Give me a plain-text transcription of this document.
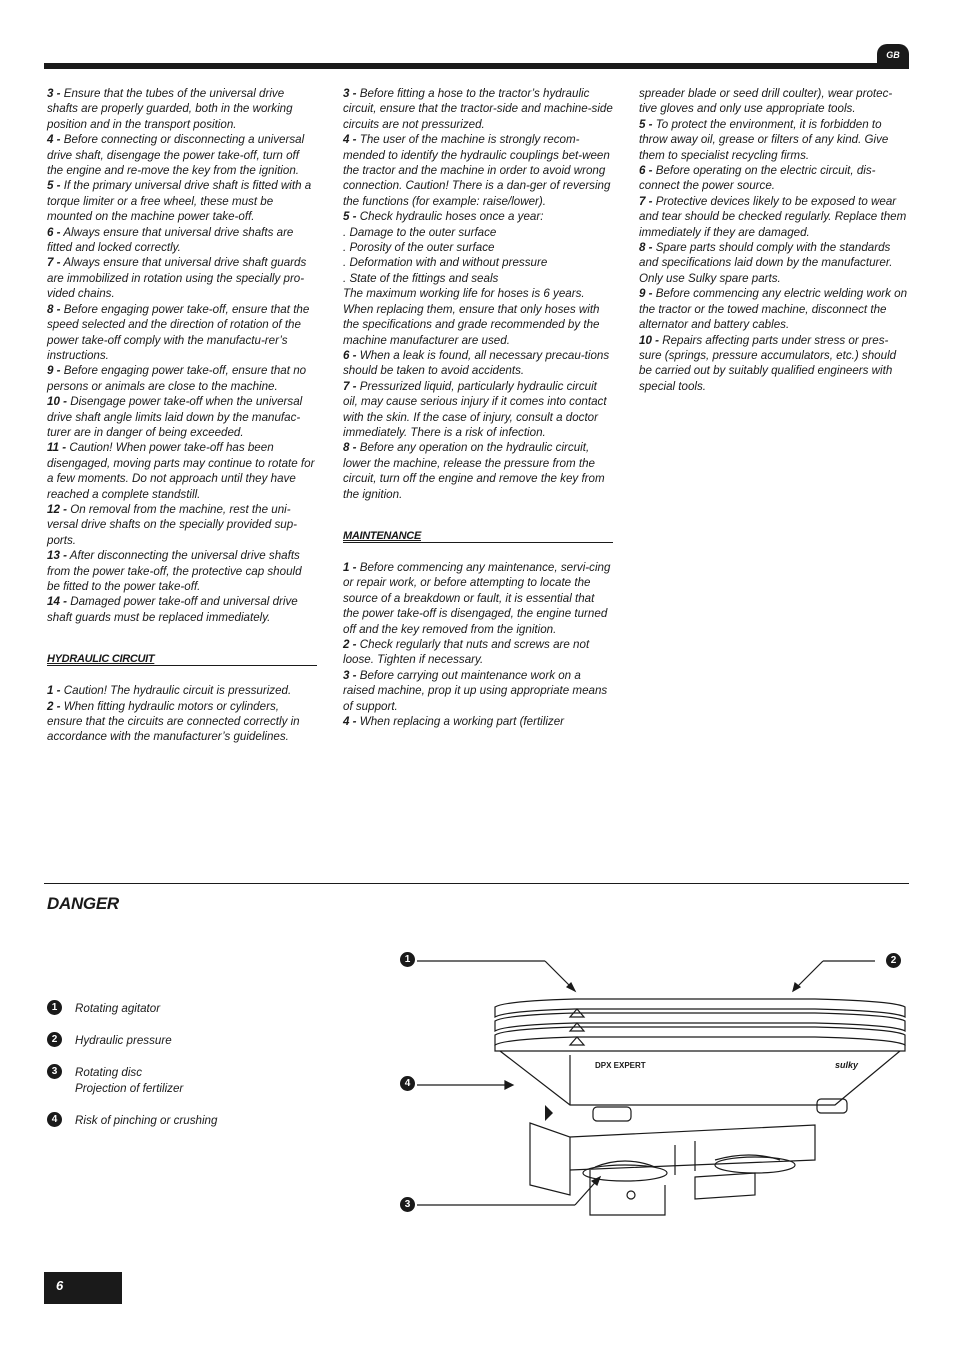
GB

3 - Ensure that the tubes of the universal drive shafts are properly guarded, both in the working position and in the transport position.

4 - Before connecting or disconnecting a universal drive shaft, disengage the power take-off, turn off the engine and re-move the key from the ignition.

5 - If the primary universal drive shaft is fitted with a torque limiter or a free wheel, these must be mounted on the machine power take-off.

6 - Always ensure that universal drive shafts are fitted and locked correctly.

7 - Always ensure that universal drive shaft guards are immobilized in rotation using the specially pro-vided chains.

8 - Before engaging power take-off, ensure that the speed selected and the direction of rotation of the power take-off comply with the manufactu-rer’s instructions.

9 - Before engaging power take-off, ensure that no persons or animals are close to the machine.

10 - Disengage power take-off when the universal drive shaft angle limits laid down by the manufac-turer are in danger of being exceeded.

11 - Caution! When power take-off has been disengaged, moving parts may continue to rotate for a few moments. Do not approach until they have reached a complete standstill.

12 - On removal from the machine, rest the uni-versal drive shafts on the specially provided sup-ports.

13 - After disconnecting the universal drive shafts from the power take-off, the protective cap should be fitted to the power take-off.

14 - Damaged power take-off and universal drive shaft guards must be replaced immediately.

HYDRAULIC CIRCUIT

1 - Caution! The hydraulic circuit is pressurized.

2 - When fitting hydraulic motors or cylinders, ensure that the circuits are connected correctly in accordance with the manufacturer’s guidelines.

3 - Before fitting a hose to the tractor’s hydraulic circuit, ensure that the tractor-side and machine-side circuits are not pressurized.

4 - The user of the machine is strongly recom-mended to identify the hydraulic couplings bet-ween the tractor and the machine in order to avoid wrong connection. Caution! There is a dan-ger of reversing the functions (for example: raise/lower).

5 - Check hydraulic hoses once a year:

. Damage to the outer surface

. Porosity of the outer surface

. Deformation with and without pressure

. State of the fittings and seals

The maximum working life for hoses is 6 years. When replacing them, ensure that only hoses with the specifications and grade recommended by the machine manufacturer are used.

6 - When a leak is found, all necessary precau-tions should be taken to avoid accidents.

7 - Pressurized liquid, particularly hydraulic circuit oil, may cause serious injury if it comes into contact with the skin. If the case of injury, consult a doctor immediately. There is a risk of infection.

8 - Before any operation on the hydraulic circuit, lower the machine, release the pressure from the circuit, turn off the engine and remove the key from the ignition.

MAINTENANCE

1 - Before commencing any maintenance, servi-cing or repair work, or before attempting to locate the source of a breakdown or fault, it is essential that the power take-off is disengaged, the engine turned off and the key removed from the ignition.

2 - Check regularly that nuts and screws are not loose. Tighten if necessary.

3 - Before carrying out maintenance work on a raised machine, prop it up using appropriate means of support.

4 - When replacing a working part (fertilizer

spreader blade or seed drill coulter), wear protec-tive gloves and only use appropriate tools.

5 - To protect the environment, it is forbidden to throw away oil, grease or filters of any kind. Give them to specialist recycling firms.

6 - Before operating on the electric circuit, dis-connect the power source.

7 - Protective devices likely to be exposed to wear and tear should be checked regularly. Replace them immediately if they are damaged.

8 - Spare parts should comply with the standards and specifications laid down by the manufacturer. Only use Sulky spare parts.

9 - Before commencing any electric welding work on the tractor or the towed machine, disconnect the alternator and battery cables.

10 - Repairs affecting parts under stress or pres-sure (springs, pressure accumulators, etc.) should be carried out by suitably qualified engineers with special tools.

DANGER
1	Rotating agitator
2	Hydraulic pressure
3	Rotating disc
Projection of fertilizer
4	Risk of pinching or crushing
1	2
3
4
DPX EXPERT	sulky
6
